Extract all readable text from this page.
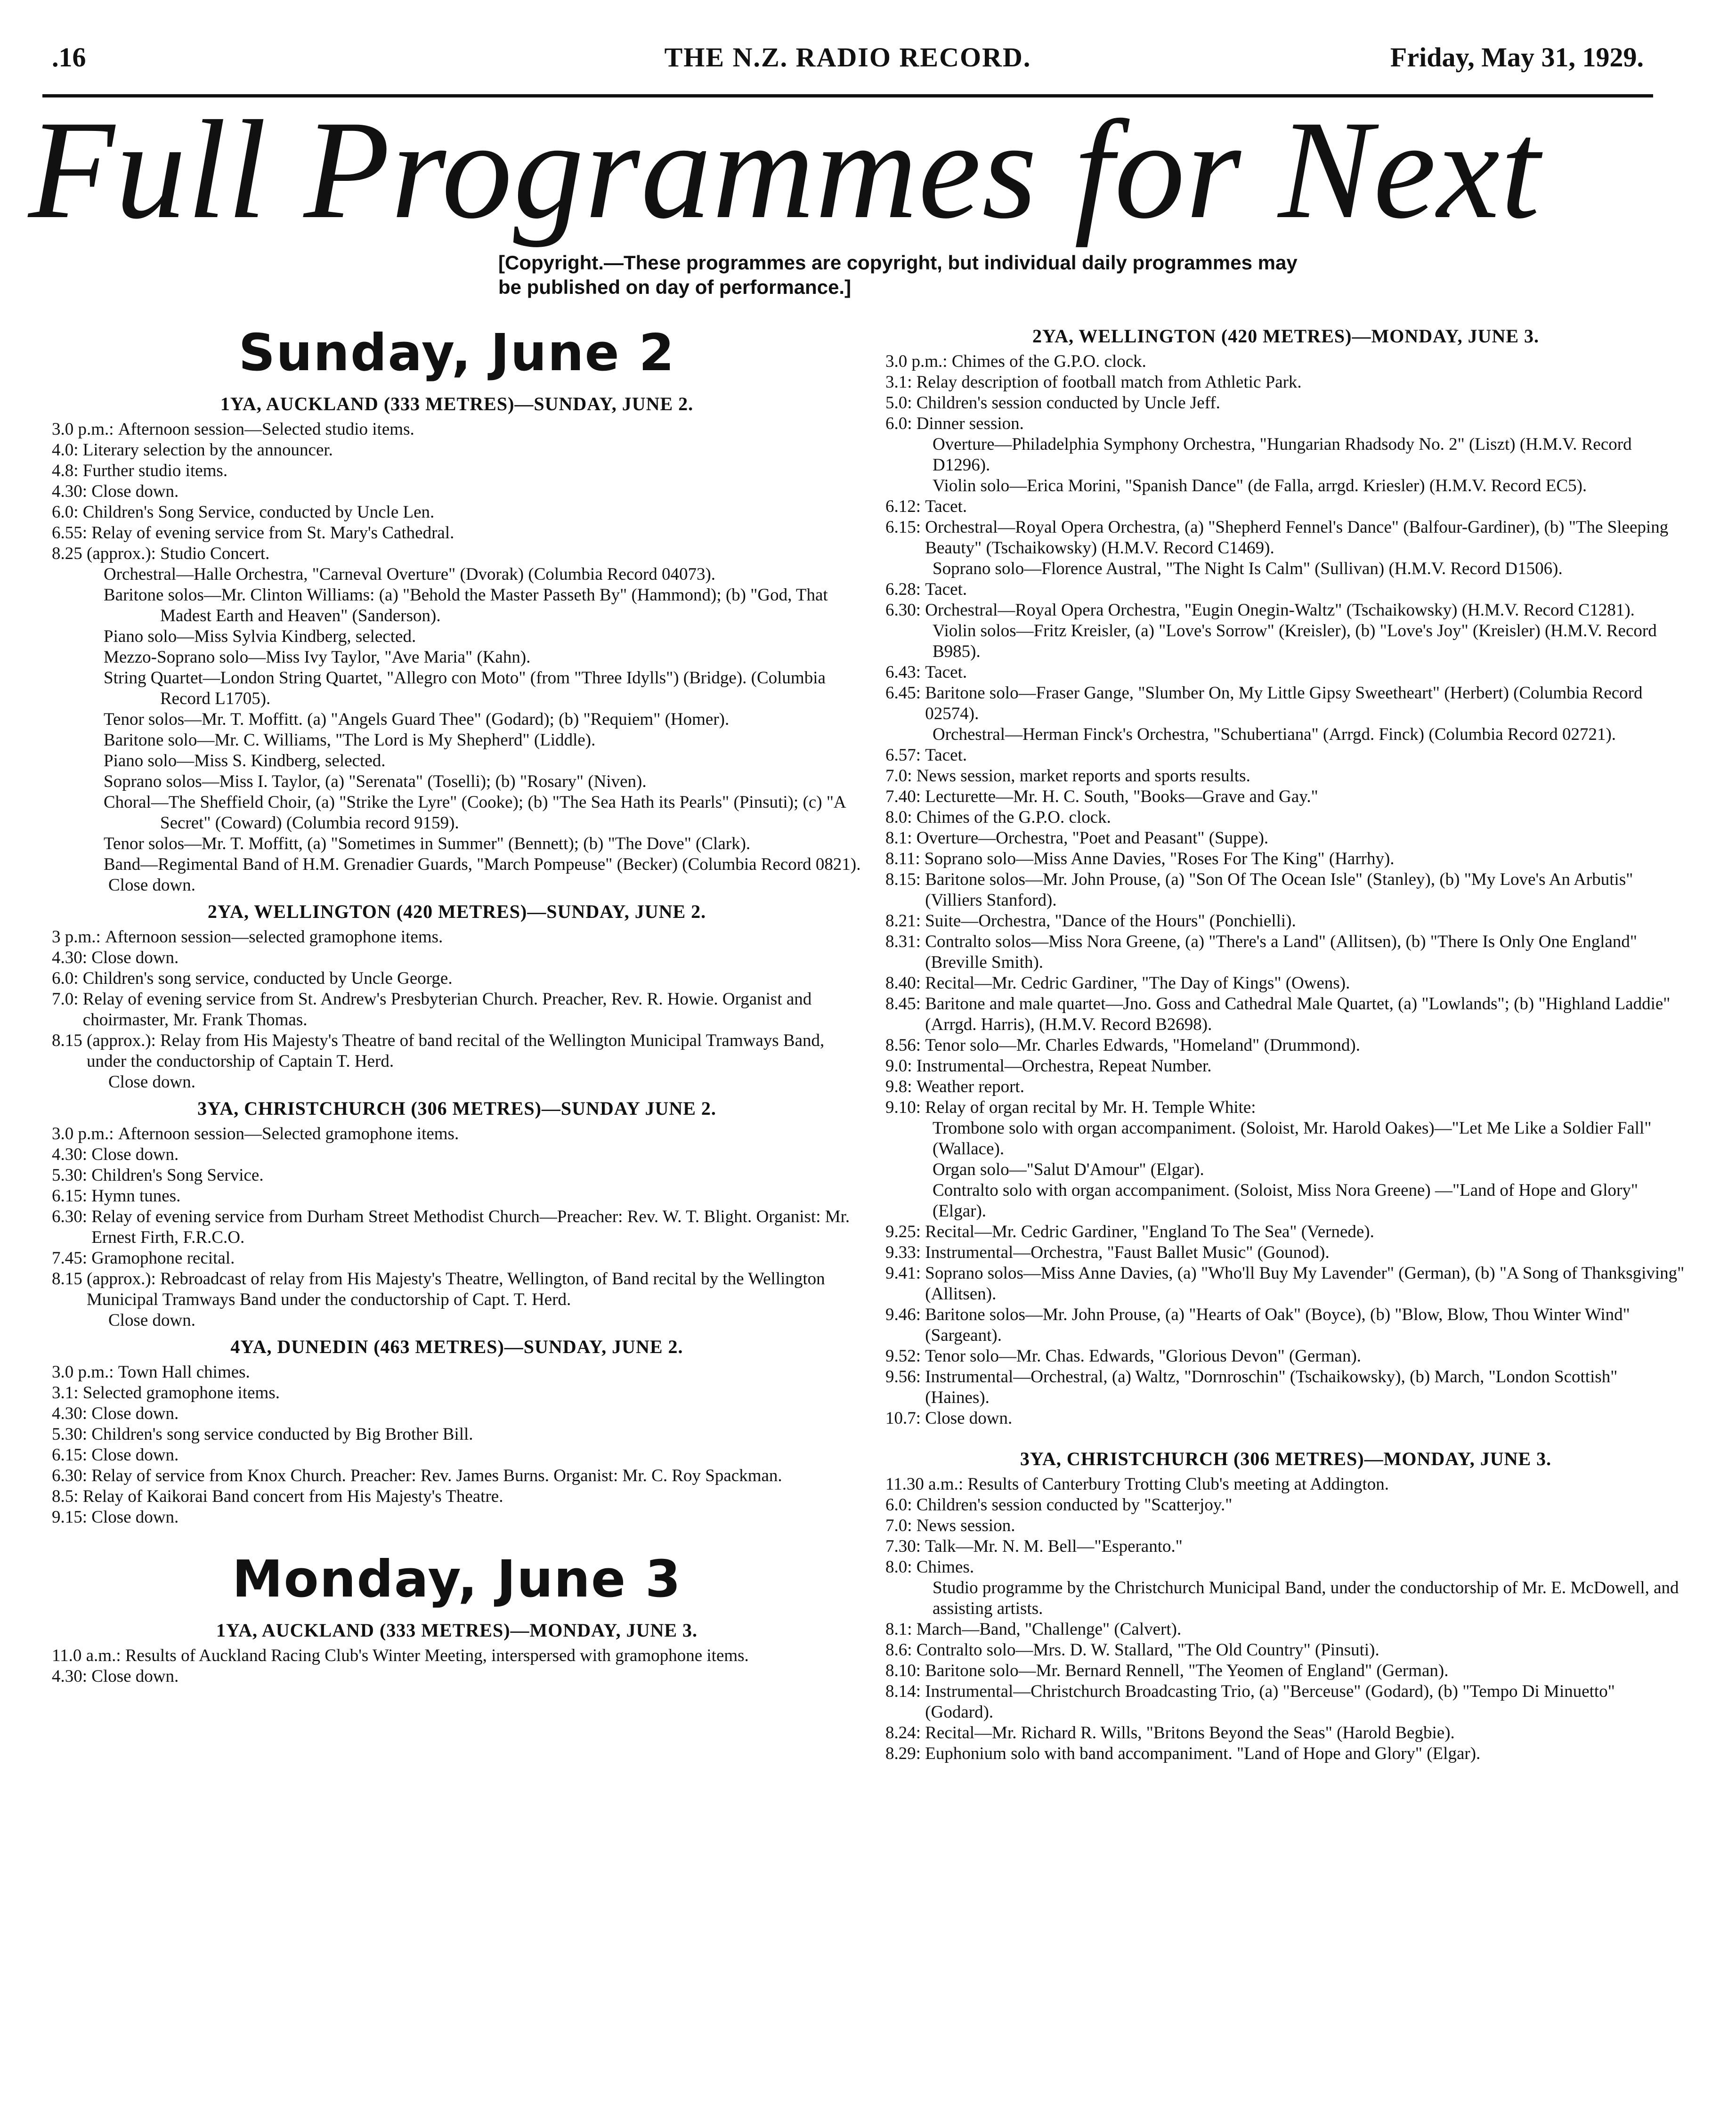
.16	THE N.Z. RADIO RECORD.	Friday, May 31, 1929.
Full Programmes for Next
[Copyright.—These programmes are copyright, but individual daily programmes may be published on day of performance.]
Sunday, June 2
1YA, AUCKLAND (333 METRES)—SUNDAY, JUNE 2.
3.0 p.m.:
Afternoon session—Selected studio items.
4.0:
Literary selection by the announcer.
4.8:
Further studio items.
4.30:
Close down.
6.0:
Children's Song Service, conducted by Uncle Len.
6.55:
Relay of evening service from St. Mary's Cathedral.
8.25
(approx.): Studio Concert.
Orchestral—Halle Orchestra, "Carneval Overture" (Dvorak) (Columbia Record 04073).
Baritone solos—Mr. Clinton Williams: (a) "Behold the Master Passeth By" (Hammond); (b) "God, That Madest Earth and Heaven" (Sanderson).
Piano solo—Miss Sylvia Kindberg, selected.
Mezzo-Soprano solo—Miss Ivy Taylor, "Ave Maria" (Kahn).
String Quartet—London String Quartet, "Allegro con Moto" (from "Three Idylls") (Bridge). (Columbia Record L1705).
Tenor solos—Mr. T. Moffitt. (a) "Angels Guard Thee" (Godard); (b) "Requiem" (Homer).
Baritone solo—Mr. C. Williams, "The Lord is My Shepherd" (Liddle).
Piano solo—Miss S. Kindberg, selected.
Soprano solos—Miss I. Taylor, (a) "Serenata" (Toselli); (b) "Rosary" (Niven).
Choral—The Sheffield Choir, (a) "Strike the Lyre" (Cooke); (b) "The Sea Hath its Pearls" (Pinsuti); (c) "A Secret" (Coward) (Columbia record 9159).
Tenor solos—Mr. T. Moffitt, (a) "Sometimes in Summer" (Bennett); (b) "The Dove" (Clark).
Band—Regimental Band of H.M. Grenadier Guards, "March Pompeuse" (Becker) (Columbia Record 0821).
Close down.
2YA, WELLINGTON (420 METRES)—SUNDAY, JUNE 2.
3 p.m.:
Afternoon session—selected gramophone items.
4.30:
Close down.
6.0:
Children's song service, conducted by Uncle George.
7.0:
Relay of evening service from St. Andrew's Presbyterian Church. Preacher, Rev. R. Howie. Organist and choirmaster, Mr. Frank Thomas.
8.15
(approx.): Relay from His Majesty's Theatre of band recital of the Wellington Municipal Tramways Band, under the conductorship of Captain T. Herd.
Close down.
3YA, CHRISTCHURCH (306 METRES)—SUNDAY JUNE 2.
3.0 p.m.:
Afternoon session—Selected gramophone items.
4.30:
Close down.
5.30:
Children's Song Service.
6.15:
Hymn tunes.
6.30:
Relay of evening service from Durham Street Methodist Church—Preacher: Rev. W. T. Blight. Organist: Mr. Ernest Firth, F.R.C.O.
7.45:
Gramophone recital.
8.15
(approx.): Rebroadcast of relay from His Majesty's Theatre, Wellington, of Band recital by the Wellington Municipal Tramways Band under the conductorship of Capt. T. Herd.
Close down.
4YA, DUNEDIN (463 METRES)—SUNDAY, JUNE 2.
3.0 p.m.:
Town Hall chimes.
3.1:
Selected gramophone items.
4.30:
Close down.
5.30:
Children's song service conducted by Big Brother Bill.
6.15:
Close down.
6.30:
Relay of service from Knox Church. Preacher: Rev. James Burns. Organist: Mr. C. Roy Spackman.
8.5:
Relay of Kaikorai Band concert from His Majesty's Theatre.
9.15:
Close down.
Monday, June 3
1YA, AUCKLAND (333 METRES)—MONDAY, JUNE 3.
11.0 a.m.:
Results of Auckland Racing Club's Winter Meeting, interspersed with gramophone items.
4.30:
Close down.
2YA, WELLINGTON (420 METRES)—MONDAY, JUNE 3.
3.0 p.m.:
Chimes of the G.P.O. clock.
3.1:
Relay description of football match from Athletic Park.
5.0:
Children's session conducted by Uncle Jeff.
6.0:
Dinner session.
Overture—Philadelphia Symphony Orchestra, "Hungarian Rhadsody No. 2" (Liszt) (H.M.V. Record D1296).
Violin solo—Erica Morini, "Spanish Dance" (de Falla, arrgd. Kriesler) (H.M.V. Record EC5).
6.12:
Tacet.
6.15:
Orchestral—Royal Opera Orchestra, (a) "Shepherd Fennel's Dance" (Balfour-Gardiner), (b) "The Sleeping Beauty" (Tschaikowsky) (H.M.V. Record C1469).
Soprano solo—Florence Austral, "The Night Is Calm" (Sullivan) (H.M.V. Record D1506).
6.28:
Tacet.
6.30:
Orchestral—Royal Opera Orchestra, "Eugin Onegin-Waltz" (Tschaikowsky) (H.M.V. Record C1281).
Violin solos—Fritz Kreisler, (a) "Love's Sorrow" (Kreisler), (b) "Love's Joy" (Kreisler) (H.M.V. Record B985).
6.43:
Tacet.
6.45:
Baritone solo—Fraser Gange, "Slumber On, My Little Gipsy Sweetheart" (Herbert) (Columbia Record 02574).
Orchestral—Herman Finck's Orchestra, "Schubertiana" (Arrgd. Finck) (Columbia Record 02721).
6.57:
Tacet.
7.0:
News session, market reports and sports results.
7.40:
Lecturette—Mr. H. C. South, "Books—Grave and Gay."
8.0:
Chimes of the G.P.O. clock.
8.1:
Overture—Orchestra, "Poet and Peasant" (Suppe).
8.11:
Soprano solo—Miss Anne Davies, "Roses For The King" (Harrhy).
8.15:
Baritone solos—Mr. John Prouse, (a) "Son Of The Ocean Isle" (Stanley), (b) "My Love's An Arbutis" (Villiers Stanford).
8.21:
Suite—Orchestra, "Dance of the Hours" (Ponchielli).
8.31:
Contralto solos—Miss Nora Greene, (a) "There's a Land" (Allitsen), (b) "There Is Only One England" (Breville Smith).
8.40:
Recital—Mr. Cedric Gardiner, "The Day of Kings" (Owens).
8.45:
Baritone and male quartet—Jno. Goss and Cathedral Male Quartet, (a) "Lowlands"; (b) "Highland Laddie" (Arrgd. Harris), (H.M.V. Record B2698).
8.56:
Tenor solo—Mr. Charles Edwards, "Homeland" (Drummond).
9.0:
Instrumental—Orchestra, Repeat Number.
9.8:
Weather report.
9.10:
Relay of organ recital by Mr. H. Temple White:
Trombone solo with organ accompaniment. (Soloist, Mr. Harold Oakes)—"Let Me Like a Soldier Fall" (Wallace).
Organ solo—"Salut D'Amour" (Elgar).
Contralto solo with organ accompaniment. (Soloist, Miss Nora Greene) —"Land of Hope and Glory" (Elgar).
9.25:
Recital—Mr. Cedric Gardiner, "England To The Sea" (Vernede).
9.33:
Instrumental—Orchestra, "Faust Ballet Music" (Gounod).
9.41:
Soprano solos—Miss Anne Davies, (a) "Who'll Buy My Lavender" (German), (b) "A Song of Thanksgiving" (Allitsen).
9.46:
Baritone solos—Mr. John Prouse, (a) "Hearts of Oak" (Boyce), (b) "Blow, Blow, Thou Winter Wind" (Sargeant).
9.52:
Tenor solo—Mr. Chas. Edwards, "Glorious Devon" (German).
9.56:
Instrumental—Orchestral, (a) Waltz, "Dornroschin" (Tschaikowsky), (b) March, "London Scottish" (Haines).
10.7:
Close down.
3YA, CHRISTCHURCH (306 METRES)—MONDAY, JUNE 3.
11.30 a.m.:
Results of Canterbury Trotting Club's meeting at Addington.
6.0:
Children's session conducted by "Scatterjoy."
7.0:
News session.
7.30:
Talk—Mr. N. M. Bell—"Esperanto."
8.0:
Chimes.
Studio programme by the Christchurch Municipal Band, under the conductorship of Mr. E. McDowell, and assisting artists.
8.1:
March—Band, "Challenge" (Calvert).
8.6:
Contralto solo—Mrs. D. W. Stallard, "The Old Country" (Pinsuti).
8.10:
Baritone solo—Mr. Bernard Rennell, "The Yeomen of England" (German).
8.14:
Instrumental—Christchurch Broadcasting Trio, (a) "Berceuse" (Godard), (b) "Tempo Di Minuetto" (Godard).
8.24:
Recital—Mr. Richard R. Wills, "Britons Beyond the Seas" (Harold Begbie).
8.29:
Euphonium solo with band accompaniment. "Land of Hope and Glory" (Elgar).
